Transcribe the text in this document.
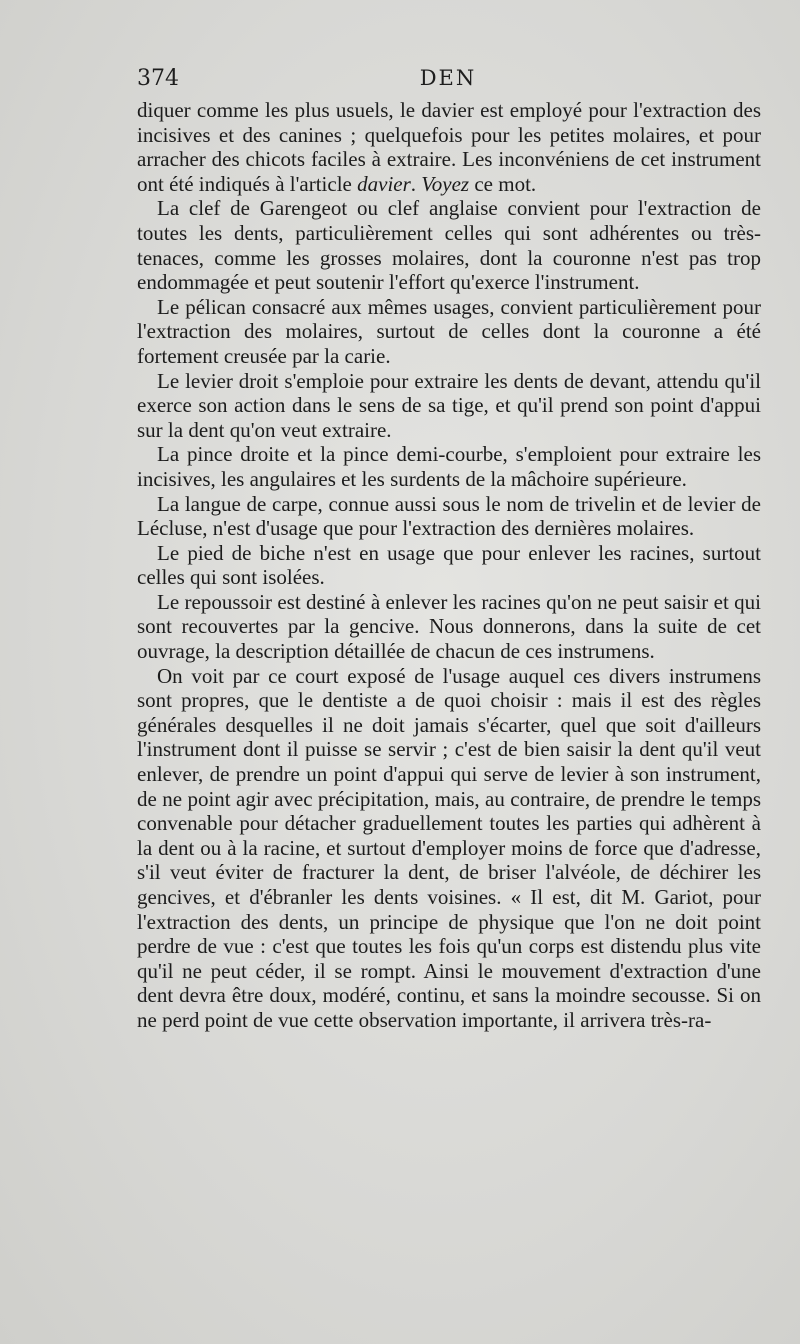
374	DEN

diquer comme les plus usuels, le davier est employé pour l'extraction des incisives et des canines ; quelquefois pour les petites molaires, et pour arracher des chicots faciles à extraire. Les inconvéniens de cet instrument ont été indiqués à l'article davier. Voyez ce mot.

La clef de Garengeot ou clef anglaise convient pour l'extraction de toutes les dents, particulièrement celles qui sont adhérentes ou très-tenaces, comme les grosses molaires, dont la couronne n'est pas trop endommagée et peut soutenir l'effort qu'exerce l'instrument.

Le pélican consacré aux mêmes usages, convient particulièrement pour l'extraction des molaires, surtout de celles dont la couronne a été fortement creusée par la carie.

Le levier droit s'emploie pour extraire les dents de devant, attendu qu'il exerce son action dans le sens de sa tige, et qu'il prend son point d'appui sur la dent qu'on veut extraire.

La pince droite et la pince demi-courbe, s'emploient pour extraire les incisives, les angulaires et les surdents de la mâchoire supérieure.

La langue de carpe, connue aussi sous le nom de trivelin et de levier de Lécluse, n'est d'usage que pour l'extraction des dernières molaires.

Le pied de biche n'est en usage que pour enlever les racines, surtout celles qui sont isolées.

Le repoussoir est destiné à enlever les racines qu'on ne peut saisir et qui sont recouvertes par la gencive. Nous donnerons, dans la suite de cet ouvrage, la description détaillée de chacun de ces instrumens.

On voit par ce court exposé de l'usage auquel ces divers instrumens sont propres, que le dentiste a de quoi choisir : mais il est des règles générales desquelles il ne doit jamais s'écarter, quel que soit d'ailleurs l'instrument dont il puisse se servir ; c'est de bien saisir la dent qu'il veut enlever, de prendre un point d'appui qui serve de levier à son instrument, de ne point agir avec précipitation, mais, au contraire, de prendre le temps convenable pour détacher graduellement toutes les parties qui adhèrent à la dent ou à la racine, et surtout d'employer moins de force que d'adresse, s'il veut éviter de fracturer la dent, de briser l'alvéole, de déchirer les gencives, et d'ébranler les dents voisines. « Il est, dit M. Gariot, pour l'extraction des dents, un principe de physique que l'on ne doit point perdre de vue : c'est que toutes les fois qu'un corps est distendu plus vite qu'il ne peut céder, il se rompt. Ainsi le mouvement d'extraction d'une dent devra être doux, modéré, continu, et sans la moindre secousse. Si on ne perd point de vue cette observation importante, il arrivera très-ra-
